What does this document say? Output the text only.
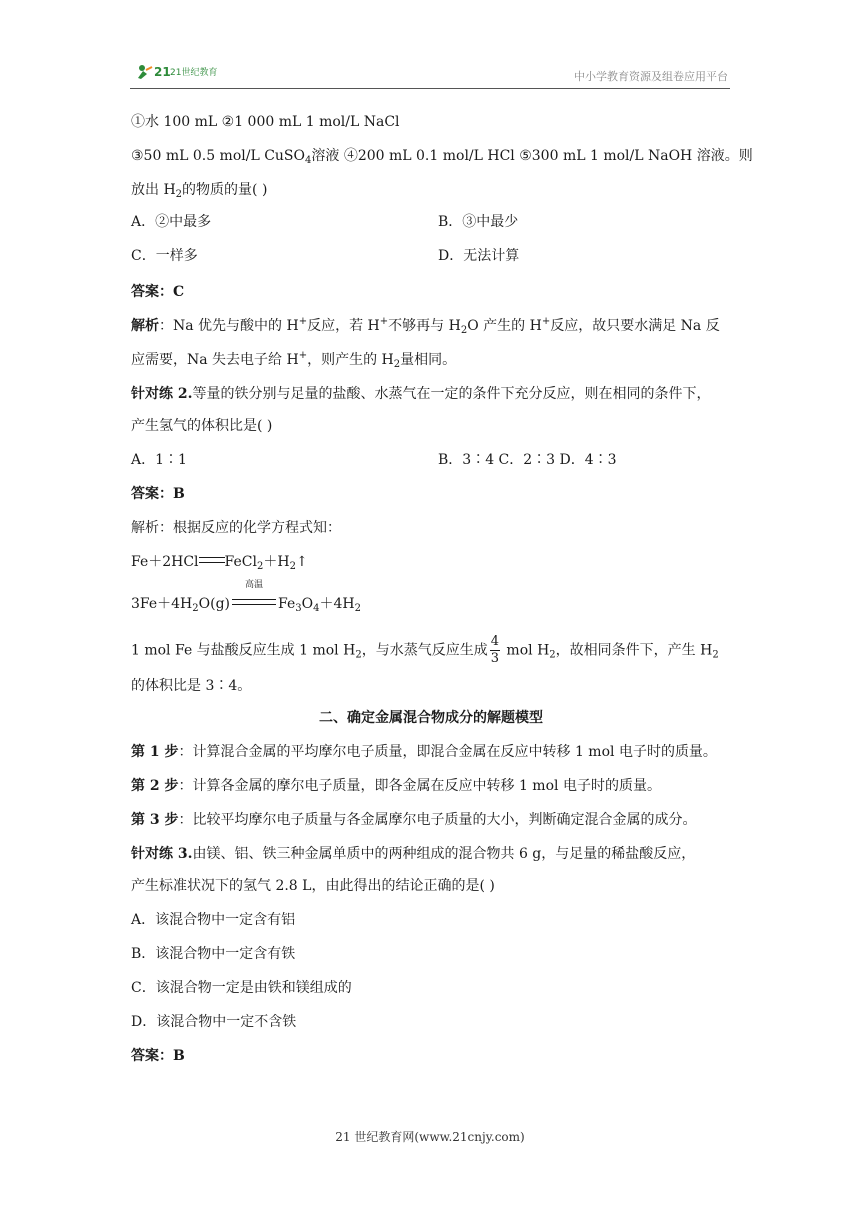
21 21世纪教育	中小学教育资源及组卷应用平台
①水 100 mL ②1 000 mL 1 mol/L NaCl
③50 mL 0.5 mol/L CuSO$_4$溶液 ④200 mL 0.1 mol/L HCl ⑤300 mL 1 mol/L NaOH 溶液。则
放出 $H_2$的物质的量( )
A．②中最多	B．③中最少
C．一样多	D．无法计算
答案：C
解析：Na 优先与酸中的 H+反应，若 H+不够再与 $H_2O$ 产生的 H+反应，故只要水满足 Na 反
应需要，Na 失去电子给 H+，则产生的 $H_2$量相同。
针对练 2.等量的铁分别与足量的盐酸、水蒸气在一定的条件下充分反应，则在相同的条件下，
产生氢气的体积比是( )
A．1∶1	B．3∶4 C．2∶3 D．4∶3
答案：B
解析：根据反应的化学方程式知：
Fe＋2HCl $FeCl_2+H_2↑$
$3Fe+4H_2O(g)$
高温
$Fe_3O_4+4H_2$
1 mol Fe 与盐酸反应生成 1 mol $H_2$，与水蒸气反应生成 $\frac{4}{3}$ mol $H_2$，故相同条件下，产生 $H_2$
的体积比是 3∶4。
二、确定金属混合物成分的解题模型
第 1 步：计算混合金属的平均摩尔电子质量，即混合金属在反应中转移 1 mol 电子时的质量。
第 2 步：计算各金属的摩尔电子质量，即各金属在反应中转移 1 mol 电子时的质量。
第 3 步：比较平均摩尔电子质量与各金属摩尔电子质量的大小，判断确定混合金属的成分。
针对练 3.由镁、铝、铁三种金属单质中的两种组成的混合物共 6 g，与足量的稀盐酸反应，
产生标准状况下的氢气 2.8 L，由此得出的结论正确的是( )
A．该混合物中一定含有铝
B．该混合物中一定含有铁
C．该混合物一定是由铁和镁组成的
D．该混合物中一定不含铁
答案：B
21 世纪教育网(www.21cnjy.com)
